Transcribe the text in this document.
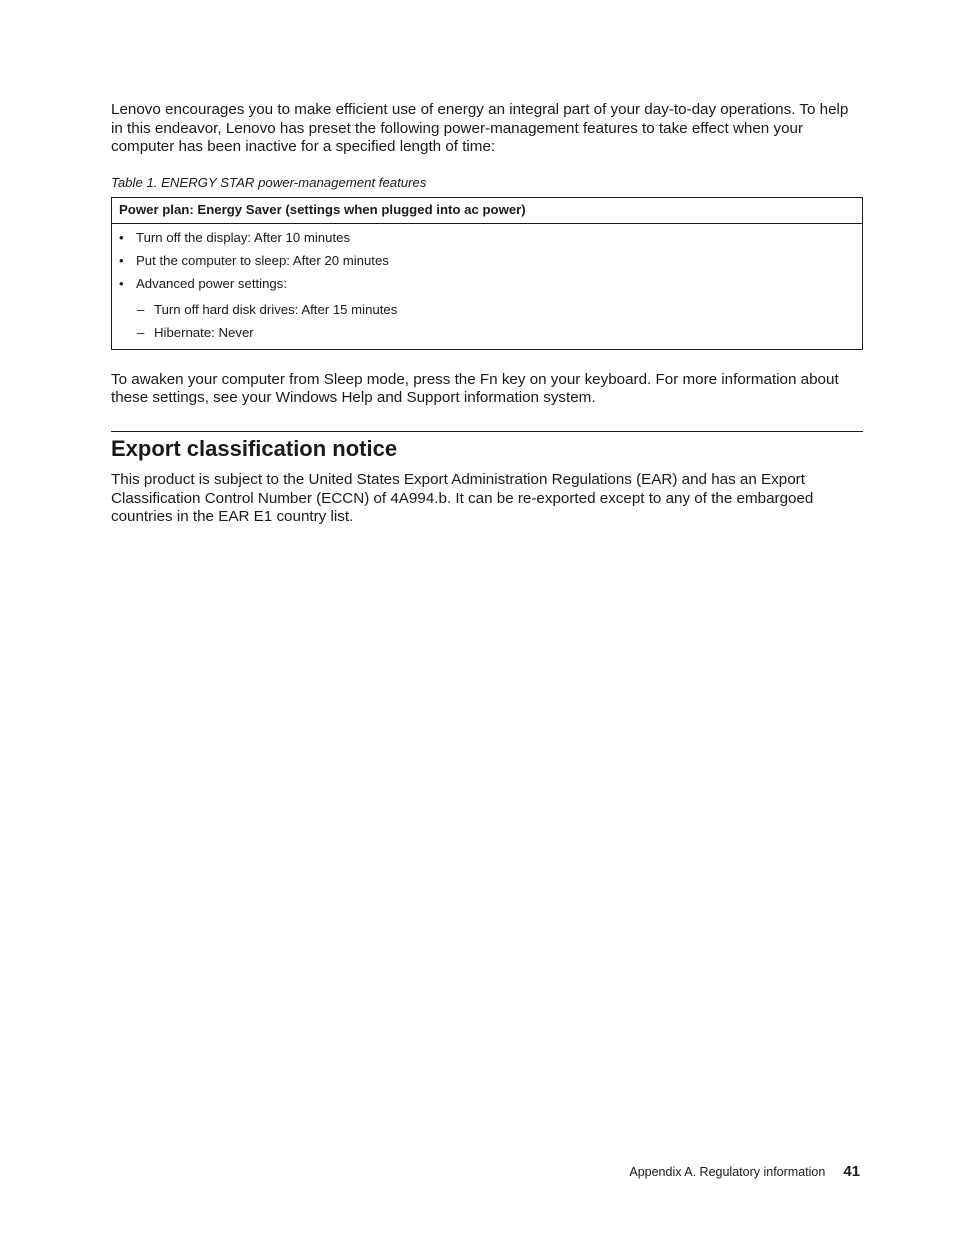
Lenovo encourages you to make efficient use of energy an integral part of your day-to-day operations. To help in this endeavor, Lenovo has preset the following power-management features to take effect when your computer has been inactive for a specified length of time:

Table 1. ENERGY STAR power-management features
Power plan: Energy Saver (settings when plugged into ac power)
• Turn off the display: After 10 minutes
• Put the computer to sleep: After 20 minutes
• Advanced power settings:
– Turn off hard disk drives: After 15 minutes
– Hibernate: Never

To awaken your computer from Sleep mode, press the Fn key on your keyboard. For more information about these settings, see your Windows Help and Support information system.

Export classification notice

This product is subject to the United States Export Administration Regulations (EAR) and has an Export Classification Control Number (ECCN) of 4A994.b. It can be re-exported except to any of the embargoed countries in the EAR E1 country list.

Appendix A. Regulatory information 41
